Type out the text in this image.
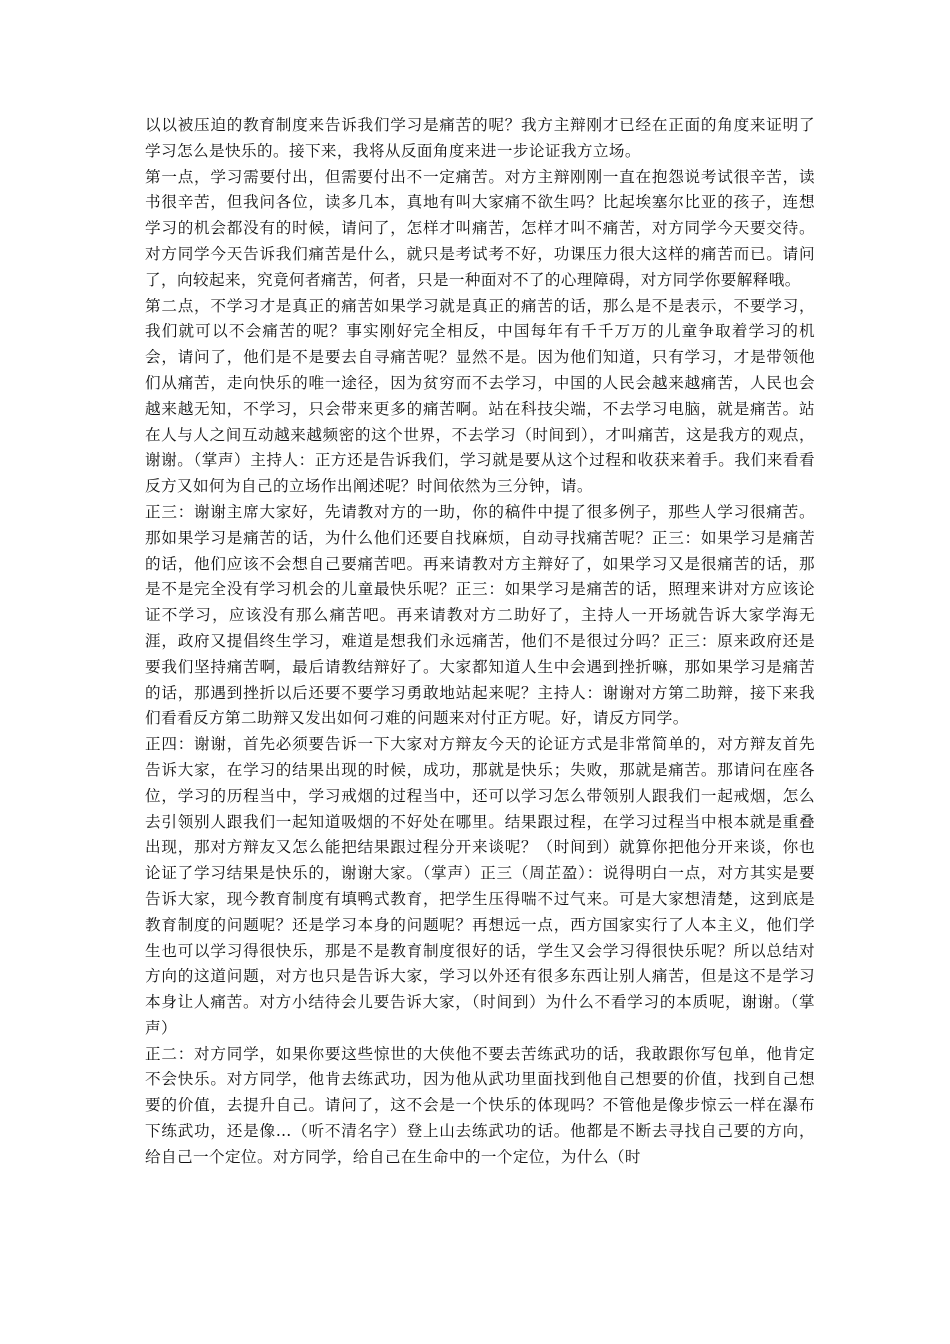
以以被压迫的教育制度来告诉我们学习是痛苦的呢？我方主辩刚才已经在正面的角度来证明了学习怎么是快乐的。接下来，我将从反面角度来进一步论证我方立场。

第一点，学习需要付出，但需要付出不一定痛苦。对方主辩刚刚一直在抱怨说考试很辛苦，读书很辛苦，但我问各位，读多几本，真地有叫大家痛不欲生吗？比起埃塞尔比亚的孩子，连想学习的机会都没有的时候，请问了，怎样才叫痛苦，怎样才叫不痛苦，对方同学今天要交待。对方同学今天告诉我们痛苦是什么，就只是考试考不好，功课压力很大这样的痛苦而已。请问了，向较起来，究竟何者痛苦，何者，只是一种面对不了的心理障碍，对方同学你要解释哦。

第二点，不学习才是真正的痛苦如果学习就是真正的痛苦的话，那么是不是表示，不要学习，我们就可以不会痛苦的呢？事实刚好完全相反，中国每年有千千万万的儿童争取着学习的机会，请问了，他们是不是要去自寻痛苦呢？显然不是。因为他们知道，只有学习，才是带领他们从痛苦，走向快乐的唯一途径，因为贫穷而不去学习，中国的人民会越来越痛苦，人民也会越来越无知，不学习，只会带来更多的痛苦啊。站在科技尖端，不去学习电脑，就是痛苦。站在人与人之间互动越来越频密的这个世界，不去学习（时间到），才叫痛苦，这是我方的观点，谢谢。（掌声）主持人：正方还是告诉我们，学习就是要从这个过程和收获来着手。我们来看看反方又如何为自己的立场作出阐述呢？时间依然为三分钟，请。

正三：谢谢主席大家好，先请教对方的一助，你的稿件中提了很多例子，那些人学习很痛苦。那如果学习是痛苦的话，为什么他们还要自找麻烦，自动寻找痛苦呢？正三：如果学习是痛苦的话，他们应该不会想自己要痛苦吧。再来请教对方主辩好了，如果学习又是很痛苦的话，那是不是完全没有学习机会的儿童最快乐呢？正三：如果学习是痛苦的话，照理来讲对方应该论证不学习，应该没有那么痛苦吧。再来请教对方二助好了，主持人一开场就告诉大家学海无涯，政府又提倡终生学习，难道是想我们永远痛苦，他们不是很过分吗？正三：原来政府还是要我们坚持痛苦啊，最后请教结辩好了。大家都知道人生中会遇到挫折嘛，那如果学习是痛苦的话，那遇到挫折以后还要不要学习勇敢地站起来呢？主持人：谢谢对方第二助辩，接下来我们看看反方第二助辩又发出如何刁难的问题来对付正方呢。好，请反方同学。

正四：谢谢，首先必须要告诉一下大家对方辩友今天的论证方式是非常简单的，对方辩友首先告诉大家，在学习的结果出现的时候，成功，那就是快乐；失败，那就是痛苦。那请问在座各位，学习的历程当中，学习戒烟的过程当中，还可以学习怎么带领别人跟我们一起戒烟，怎么去引领别人跟我们一起知道吸烟的不好处在哪里。结果跟过程，在学习过程当中根本就是重叠出现，那对方辩友又怎么能把结果跟过程分开来谈呢？（时间到）就算你把他分开来谈，你也论证了学习结果是快乐的，谢谢大家。（掌声）正三（周芷盈）：说得明白一点，对方其实是要告诉大家，现今教育制度有填鸭式教育，把学生压得喘不过气来。可是大家想清楚，这到底是教育制度的问题呢？还是学习本身的问题呢？再想远一点，西方国家实行了人本主义，他们学生也可以学习得很快乐，那是不是教育制度很好的话，学生又会学习得很快乐呢？所以总结对方向的这道问题，对方也只是告诉大家，学习以外还有很多东西让别人痛苦，但是这不是学习本身让人痛苦。对方小结待会儿要告诉大家，（时间到）为什么不看学习的本质呢，谢谢。（掌声）

正二：对方同学，如果你要这些惊世的大侠他不要去苦练武功的话，我敢跟你写包单，他肯定不会快乐。对方同学，他肯去练武功，因为他从武功里面找到他自己想要的价值，找到自己想要的价值，去提升自己。请问了，这不会是一个快乐的体现吗？不管他是像步惊云一样在瀑布下练武功，还是像…（听不清名字）登上山去练武功的话。他都是不断去寻找自己要的方向，给自己一个定位。对方同学，给自己在生命中的一个定位，为什么（时
